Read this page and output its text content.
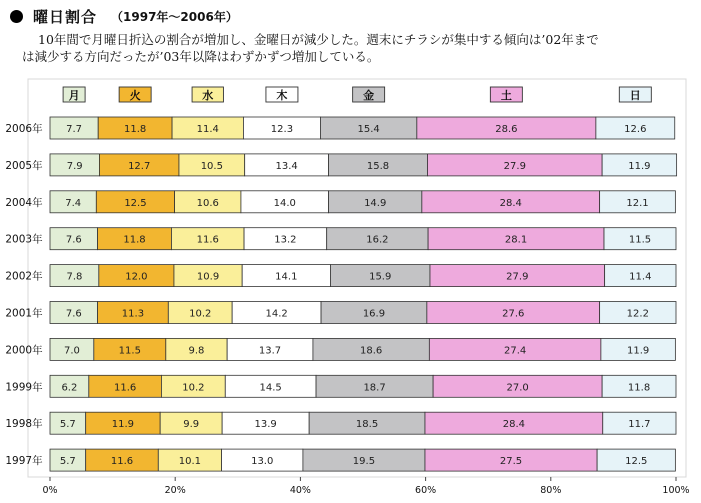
曜日割合 （1997年～2006年）
10年間で月曜日折込の割合が増加し、金曜日が減少した。週末にチラシが集中する傾向は’02年まで
は減少する方向だったが’03年以降はわずかずつ増加している。
0%	20%	40%	60%	80%	100%
2006年 7.7	11.8	11.4	12.3	15.4	28.6	12.6
2005年 7.9	12.7	10.5	13.4	15.8	27.9	11.9
2004年 7.4	12.5	10.6	14.0	14.9	28.4	12.1
2003年 7.6	11.8	11.6	13.2	16.2	28.1	11.5
2002年 7.8	12.0	10.9	14.1	15.9	27.9	11.4
2001年 7.6	11.3	10.2	14.2	16.9	27.6	12.2
2000年 7.0	11.5	9.8	13.7	18.6	27.4	11.9
1999年 6.2	11.6	10.2	14.5	18.7	27.0	11.8
1998年 5.7	11.9	9.9	13.9	18.5	28.4	11.7
1997年 5.7	11.6	10.1	13.0	19.5	27.5	12.5
月	火	水	木	金	土	日
